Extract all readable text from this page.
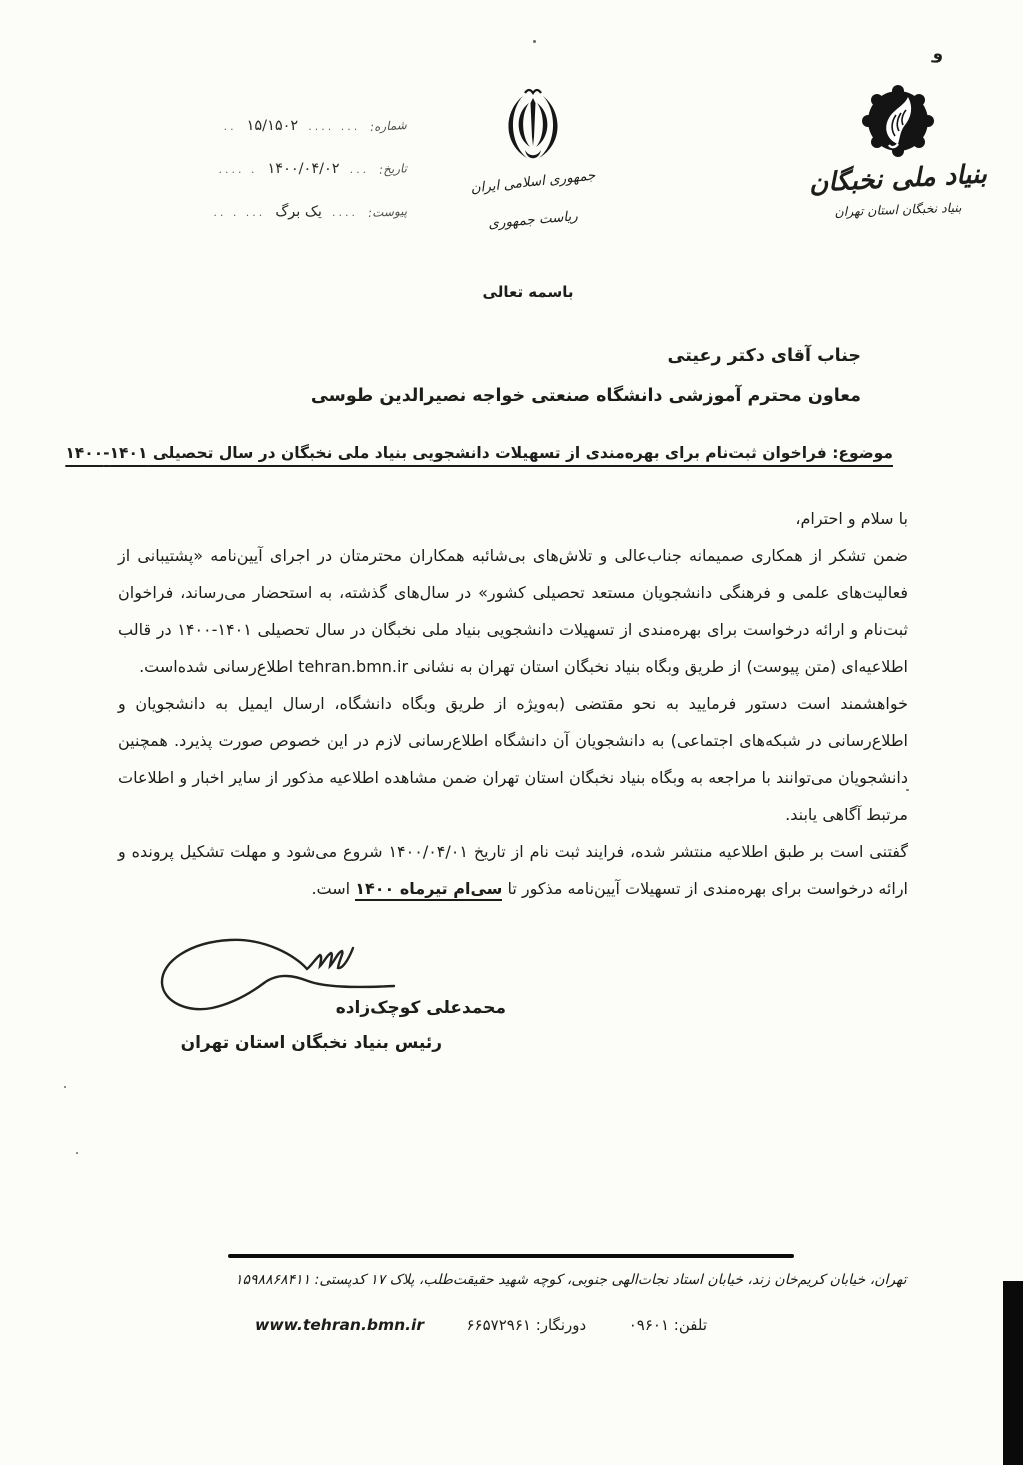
و
شماره:
... ....
۱۵/۱۵۰۲
..
تاریخ:
...
۱۴۰۰/۰۴/۰۲
. ....
پیوست:
....
یک برگ
... . ..
جمهوری اسلامی ایران
ریاست جمهوری
بنیاد ملی نخبگان
بنیاد نخبگان استان تهران
باسمه تعالی
جناب آقای دکتر رعیتی
معاون محترم آموزشی دانشگاه صنعتی خواجه نصیرالدین طوسی
موضوع: فراخوان ثبت‌نام برای بهره‌مندی از تسهیلات دانشجویی بنیاد ملی نخبگان در سال تحصیلی ۱۴۰۱-۱۴۰۰

با سلام و احترام،

ضمن تشکر از همکاری صمیمانه جناب‌عالی و تلاش‌های بی‌شائبه همکاران محترمتان در اجرای آیین‌نامه «پشتیبانی از فعالیت‌های علمی و فرهنگی دانشجویان مستعد تحصیلی کشور» در سال‌های گذشته، به استحضار می‌رساند، فراخوان ثبت‌نام و ارائه درخواست برای بهره‌مندی از تسهیلات دانشجویی بنیاد ملی نخبگان در سال تحصیلی ۱۴۰۱-۱۴۰۰ در قالب اطلاعیه‌ای (متن پیوست) از طریق وبگاه بنیاد نخبگان استان تهران به نشانی tehran.bmn.ir اطلاع‌رسانی شده‌است.

خواهشمند است دستور فرمایید به نحو مقتضی (به‌ویژه از طریق وبگاه دانشگاه، ارسال ایمیل به دانشجویان و اطلاع‌رسانی در شبکه‌های اجتماعی) به دانشجویان آن دانشگاه اطلاع‌رسانی لازم در این خصوص صورت پذیرد. همچنین دانشجویان می‌توانند با مراجعه به وبگاه بنیاد نخبگان استان تهران ضمن مشاهده اطلاعیه مذکور از سایر اخبار و اطلاعات مرتبط آگاهی یابند.

گفتنی است بر طبق اطلاعیه منتشر شده، فرایند ثبت نام از تاریخ ۱۴۰۰/۰۴/۰۱ شروع می‌شود و مهلت تشکیل پرونده و ارائه درخواست برای بهره‌مندی از تسهیلات آیین‌نامه مذکور تا سی‌ام تیرماه ۱۴۰۰ است.

محمدعلی کوچک‌زاده
رئیس بنیاد نخبگان استان تهران
تهران، خیابان کریم‌خان زند، خیابان استاد نجات‌الهی جنوبی، کوچه شهید حقیقت‌طلب، پلاک ۱۷ کدپستی: ۱۵۹۸۸۶۸۴۱۱
تلفن: ۰۹۶۰۱
دورنگار: ۶۶۵۷۲۹۶۱
www.tehran.bmn.ir
